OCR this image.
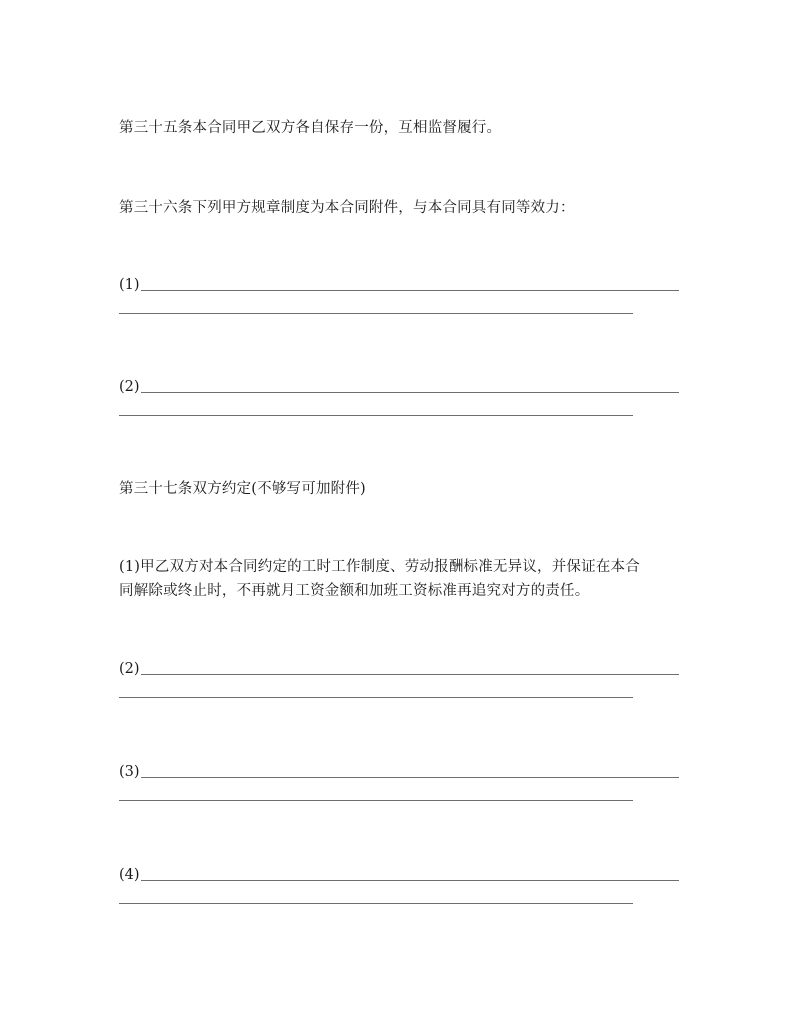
第三十五条本合同甲乙双方各自保存一份，互相监督履行。
第三十六条下列甲方规章制度为本合同附件，与本合同具有同等效力：
(1)
(2)
第三十七条双方约定(不够写可加附件)
(1)甲乙双方对本合同约定的工时工作制度、劳动报酬标准无异议，并保证在本合
同解除或终止时，不再就月工资金额和加班工资标准再追究对方的责任。
(2)
(3)
(4)
